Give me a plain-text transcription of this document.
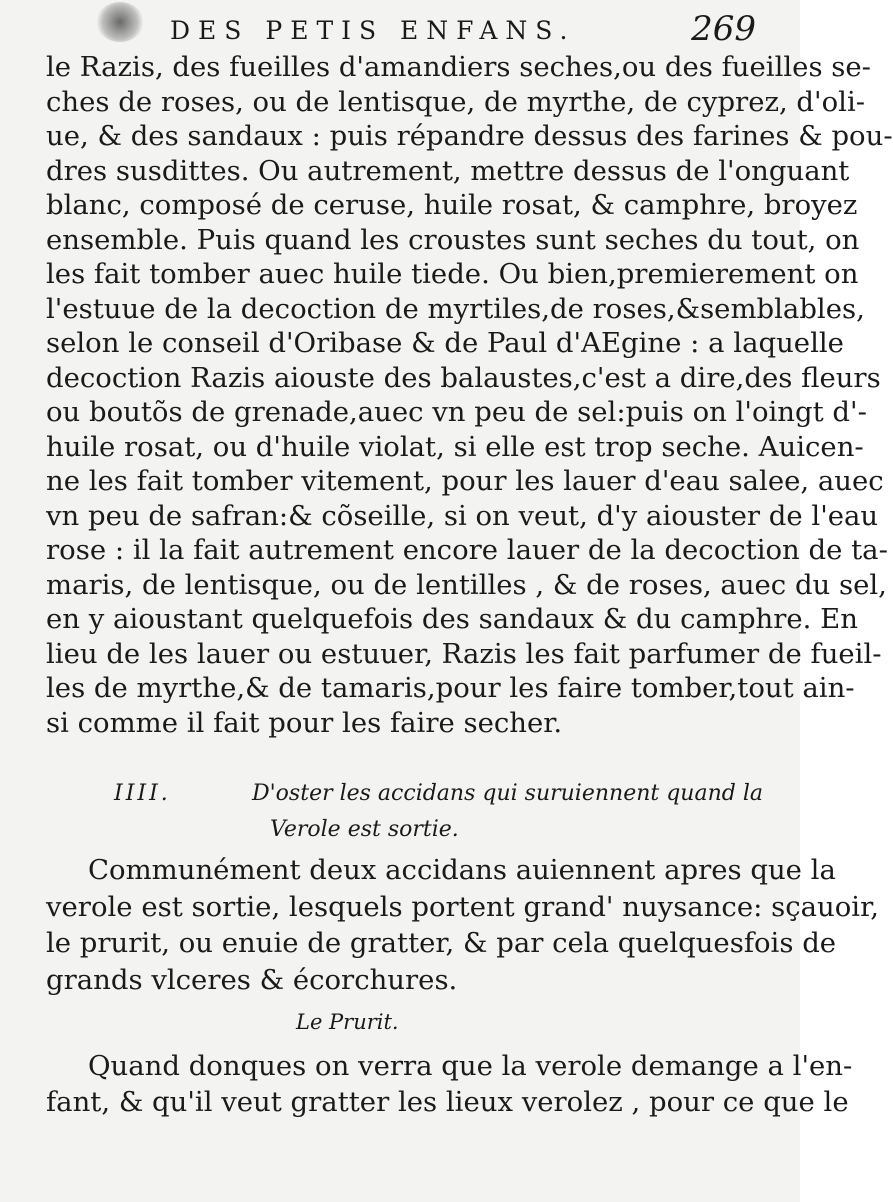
DES PETIS ENFANS.	269
le Razis, des fueilles d'amandiers seches,ou des fueilles se-
ches de roses, ou de lentisque, de myrthe, de cyprez, d'oli-
ue, & des sandaux : puis répandre dessus des farines & pou-
dres susdittes. Ou autrement, mettre dessus de l'onguant
blanc, composé de ceruse, huile rosat, & camphre, broyez
ensemble. Puis quand les croustes sunt seches du tout, on
les fait tomber auec huile tiede. Ou bien,premierement on
l'estuue de la decoction de myrtiles,de roses,&semblables,
selon le conseil d'Oribase & de Paul d'AEgine : a laquelle
decoction Razis aiouste des balaustes,c'est a dire,des fleurs
ou boutõs de grenade,auec vn peu de sel:puis on l'oingt d'-
huile rosat, ou d'huile violat, si elle est trop seche. Auicen-
ne les fait tomber vitement, pour les lauer d'eau salee, auec
vn peu de safran:& cõseille, si on veut, d'y aiouster de l'eau
rose : il la fait autrement encore lauer de la decoction de ta-
maris, de lentisque, ou de lentilles , & de roses, auec du sel,
en y aioustant quelquefois des sandaux & du camphre. En
lieu de les lauer ou estuuer, Razis les fait parfumer de fueil-
les de myrthe,& de tamaris,pour les faire tomber,tout ain-
si comme il fait pour les faire secher.
IIII.	D'oster les accidans qui suruiennent quand la
Verole est sortie.
Communément deux accidans auiennent apres que la
verole est sortie, lesquels portent grand' nuysance: sçauoir,
le prurit, ou enuie de gratter, & par cela quelquesfois de
grands vlceres & écorchures.
Le Prurit.
Quand donques on verra que la verole demange a l'en-
fant, & qu'il veut gratter les lieux verolez , pour ce que le
